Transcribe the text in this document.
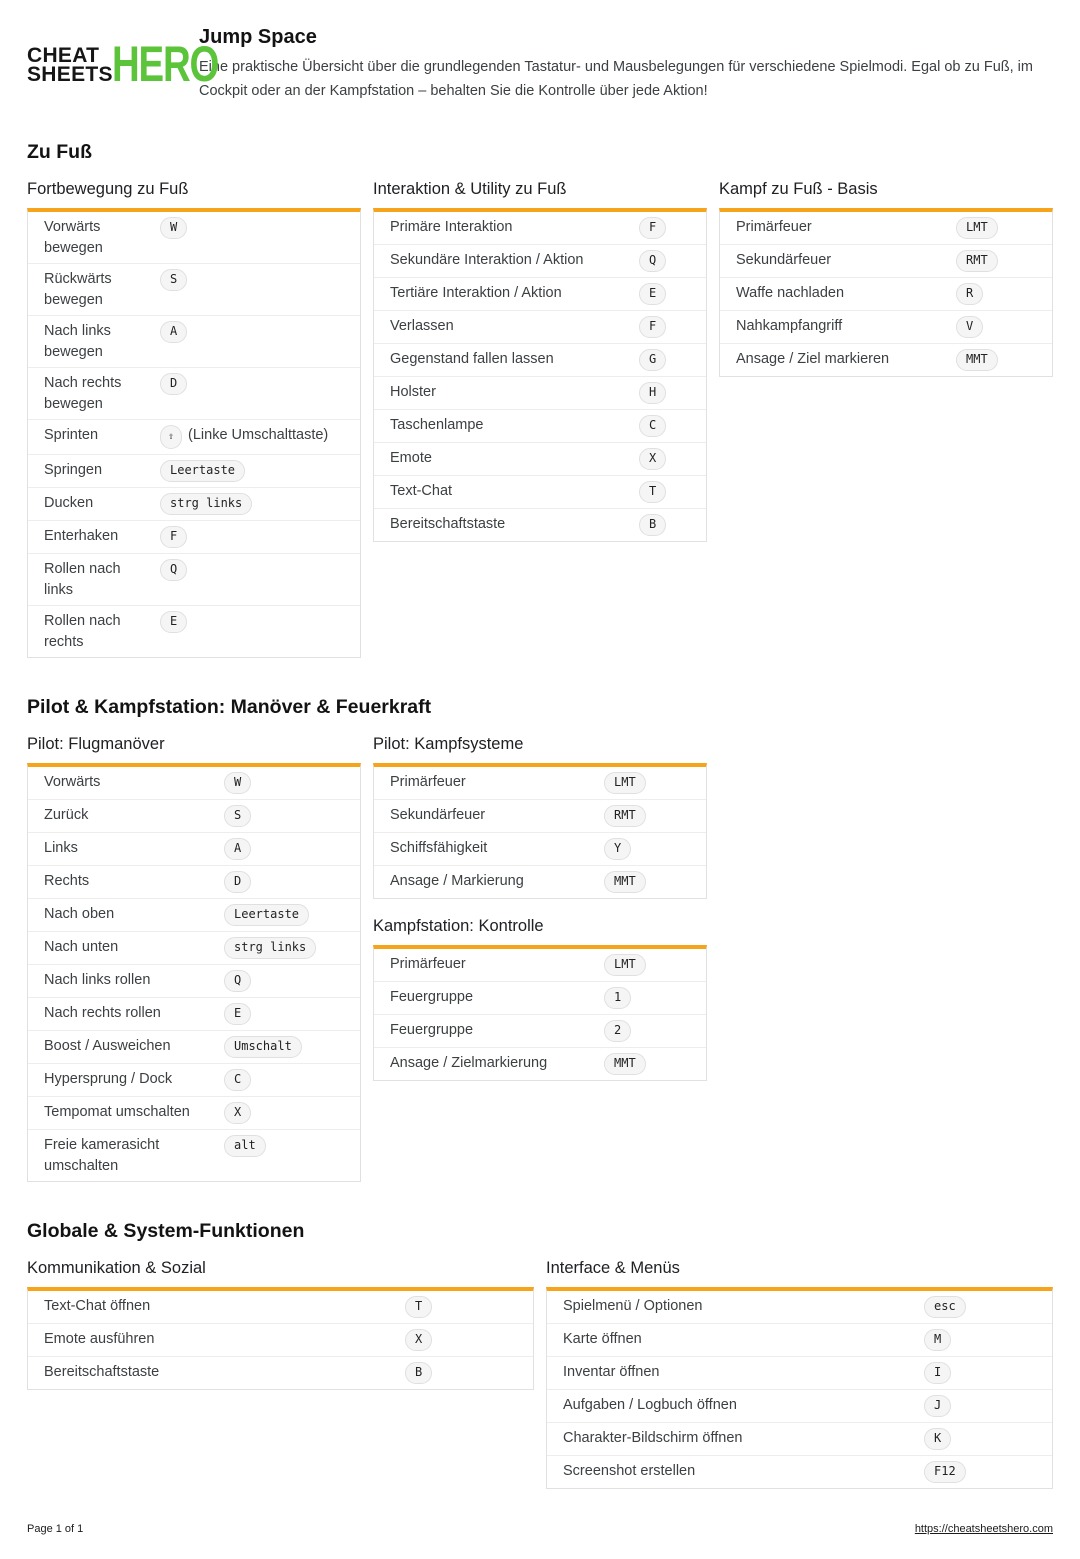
CHEAT
SHEETS HERO
Jump Space

Eine praktische Übersicht über die grundlegenden Tastatur- und Mausbelegungen für verschiedene Spielmodi. Egal ob zu Fuß, im Cockpit oder an der Kampfstation – behalten Sie die Kontrolle über jede Aktion!

Zu Fuß
Fortbewegung zu Fuß
Vorwärts bewegen	W
Rückwärts bewegen	S
Nach links bewegen	A
Nach rechts bewegen	D
Sprinten	⇧ (Linke Umschalttaste)
Springen	Leertaste
Ducken	strg links
Enterhaken	F
Rollen nach links	Q
Rollen nach rechts	E
Interaktion & Utility zu Fuß
Primäre Interaktion	F
Sekundäre Interaktion / Aktion	Q
Tertiäre Interaktion / Aktion	E
Verlassen	F
Gegenstand fallen lassen	G
Holster	H
Taschenlampe	C
Emote	X
Text-Chat	T
Bereitschaftstaste	B
Kampf zu Fuß - Basis
Primärfeuer	LMT
Sekundärfeuer	RMT
Waffe nachladen	R
Nahkampfangriff	V
Ansage / Ziel markieren	MMT
Pilot & Kampfstation: Manöver & Feuerkraft
Pilot: Flugmanöver
Vorwärts	W
Zurück	S
Links	A
Rechts	D
Nach oben	Leertaste
Nach unten	strg links
Nach links rollen	Q
Nach rechts rollen	E
Boost / Ausweichen	Umschalt
Hypersprung / Dock	C
Tempomat umschalten	X
Freie kamerasicht umschalten	alt
Pilot: Kampfsysteme
Primärfeuer	LMT
Sekundärfeuer	RMT
Schiffsfähigkeit	Y
Ansage / Markierung	MMT
Kampfstation: Kontrolle
Primärfeuer	LMT
Feuergruppe	1
Feuergruppe	2
Ansage / Zielmarkierung	MMT
Globale & System-Funktionen
Kommunikation & Sozial
Text-Chat öffnen	T
Emote ausführen	X
Bereitschaftstaste	B
Interface & Menüs
Spielmenü / Optionen	esc
Karte öffnen	M
Inventar öffnen	I
Aufgaben / Logbuch öffnen	J
Charakter-Bildschirm öffnen	K
Screenshot erstellen	F12
Page 1 of 1	https://cheatsheetshero.com
